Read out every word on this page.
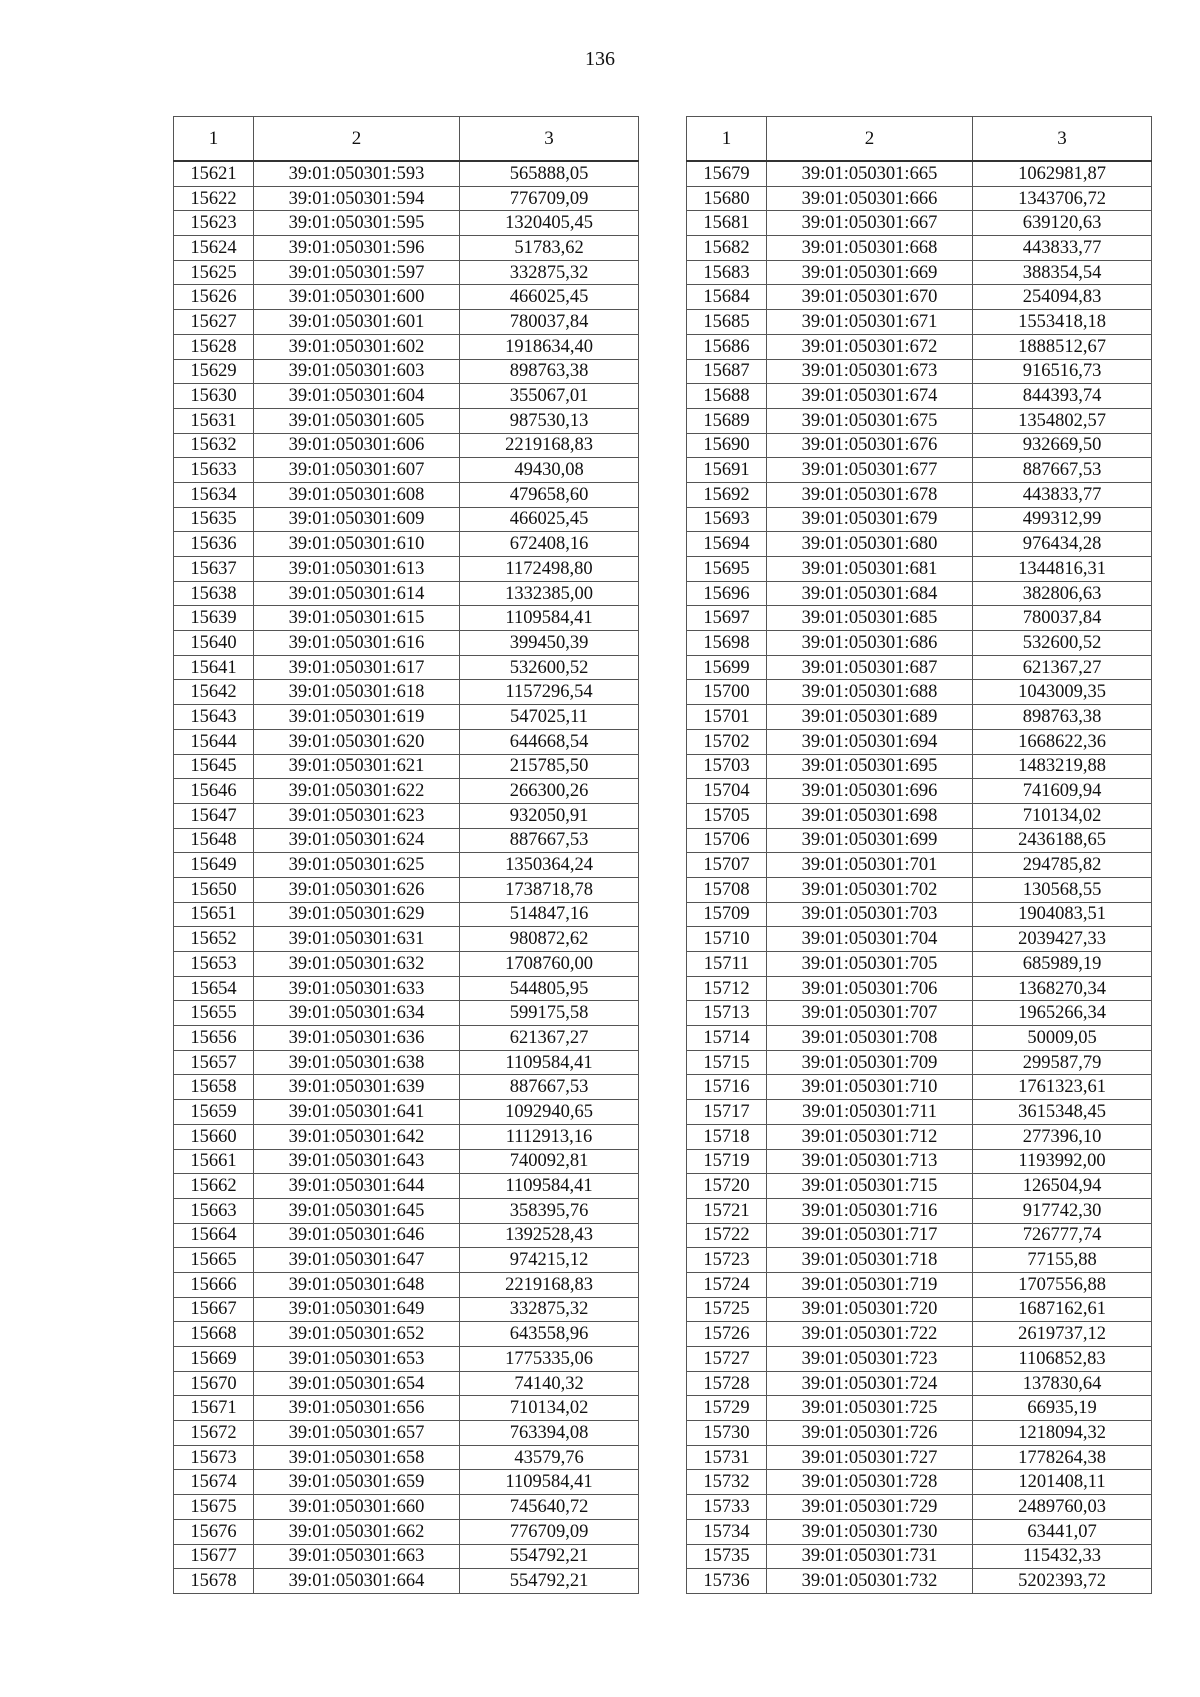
136
1	2	3
15621	39:01:050301:593	565888,05
15622	39:01:050301:594	776709,09
15623	39:01:050301:595	1320405,45
15624	39:01:050301:596	51783,62
15625	39:01:050301:597	332875,32
15626	39:01:050301:600	466025,45
15627	39:01:050301:601	780037,84
15628	39:01:050301:602	1918634,40
15629	39:01:050301:603	898763,38
15630	39:01:050301:604	355067,01
15631	39:01:050301:605	987530,13
15632	39:01:050301:606	2219168,83
15633	39:01:050301:607	49430,08
15634	39:01:050301:608	479658,60
15635	39:01:050301:609	466025,45
15636	39:01:050301:610	672408,16
15637	39:01:050301:613	1172498,80
15638	39:01:050301:614	1332385,00
15639	39:01:050301:615	1109584,41
15640	39:01:050301:616	399450,39
15641	39:01:050301:617	532600,52
15642	39:01:050301:618	1157296,54
15643	39:01:050301:619	547025,11
15644	39:01:050301:620	644668,54
15645	39:01:050301:621	215785,50
15646	39:01:050301:622	266300,26
15647	39:01:050301:623	932050,91
15648	39:01:050301:624	887667,53
15649	39:01:050301:625	1350364,24
15650	39:01:050301:626	1738718,78
15651	39:01:050301:629	514847,16
15652	39:01:050301:631	980872,62
15653	39:01:050301:632	1708760,00
15654	39:01:050301:633	544805,95
15655	39:01:050301:634	599175,58
15656	39:01:050301:636	621367,27
15657	39:01:050301:638	1109584,41
15658	39:01:050301:639	887667,53
15659	39:01:050301:641	1092940,65
15660	39:01:050301:642	1112913,16
15661	39:01:050301:643	740092,81
15662	39:01:050301:644	1109584,41
15663	39:01:050301:645	358395,76
15664	39:01:050301:646	1392528,43
15665	39:01:050301:647	974215,12
15666	39:01:050301:648	2219168,83
15667	39:01:050301:649	332875,32
15668	39:01:050301:652	643558,96
15669	39:01:050301:653	1775335,06
15670	39:01:050301:654	74140,32
15671	39:01:050301:656	710134,02
15672	39:01:050301:657	763394,08
15673	39:01:050301:658	43579,76
15674	39:01:050301:659	1109584,41
15675	39:01:050301:660	745640,72
15676	39:01:050301:662	776709,09
15677	39:01:050301:663	554792,21
15678	39:01:050301:664	554792,21
1	2	3
15679	39:01:050301:665	1062981,87
15680	39:01:050301:666	1343706,72
15681	39:01:050301:667	639120,63
15682	39:01:050301:668	443833,77
15683	39:01:050301:669	388354,54
15684	39:01:050301:670	254094,83
15685	39:01:050301:671	1553418,18
15686	39:01:050301:672	1888512,67
15687	39:01:050301:673	916516,73
15688	39:01:050301:674	844393,74
15689	39:01:050301:675	1354802,57
15690	39:01:050301:676	932669,50
15691	39:01:050301:677	887667,53
15692	39:01:050301:678	443833,77
15693	39:01:050301:679	499312,99
15694	39:01:050301:680	976434,28
15695	39:01:050301:681	1344816,31
15696	39:01:050301:684	382806,63
15697	39:01:050301:685	780037,84
15698	39:01:050301:686	532600,52
15699	39:01:050301:687	621367,27
15700	39:01:050301:688	1043009,35
15701	39:01:050301:689	898763,38
15702	39:01:050301:694	1668622,36
15703	39:01:050301:695	1483219,88
15704	39:01:050301:696	741609,94
15705	39:01:050301:698	710134,02
15706	39:01:050301:699	2436188,65
15707	39:01:050301:701	294785,82
15708	39:01:050301:702	130568,55
15709	39:01:050301:703	1904083,51
15710	39:01:050301:704	2039427,33
15711	39:01:050301:705	685989,19
15712	39:01:050301:706	1368270,34
15713	39:01:050301:707	1965266,34
15714	39:01:050301:708	50009,05
15715	39:01:050301:709	299587,79
15716	39:01:050301:710	1761323,61
15717	39:01:050301:711	3615348,45
15718	39:01:050301:712	277396,10
15719	39:01:050301:713	1193992,00
15720	39:01:050301:715	126504,94
15721	39:01:050301:716	917742,30
15722	39:01:050301:717	726777,74
15723	39:01:050301:718	77155,88
15724	39:01:050301:719	1707556,88
15725	39:01:050301:720	1687162,61
15726	39:01:050301:722	2619737,12
15727	39:01:050301:723	1106852,83
15728	39:01:050301:724	137830,64
15729	39:01:050301:725	66935,19
15730	39:01:050301:726	1218094,32
15731	39:01:050301:727	1778264,38
15732	39:01:050301:728	1201408,11
15733	39:01:050301:729	2489760,03
15734	39:01:050301:730	63441,07
15735	39:01:050301:731	115432,33
15736	39:01:050301:732	5202393,72
